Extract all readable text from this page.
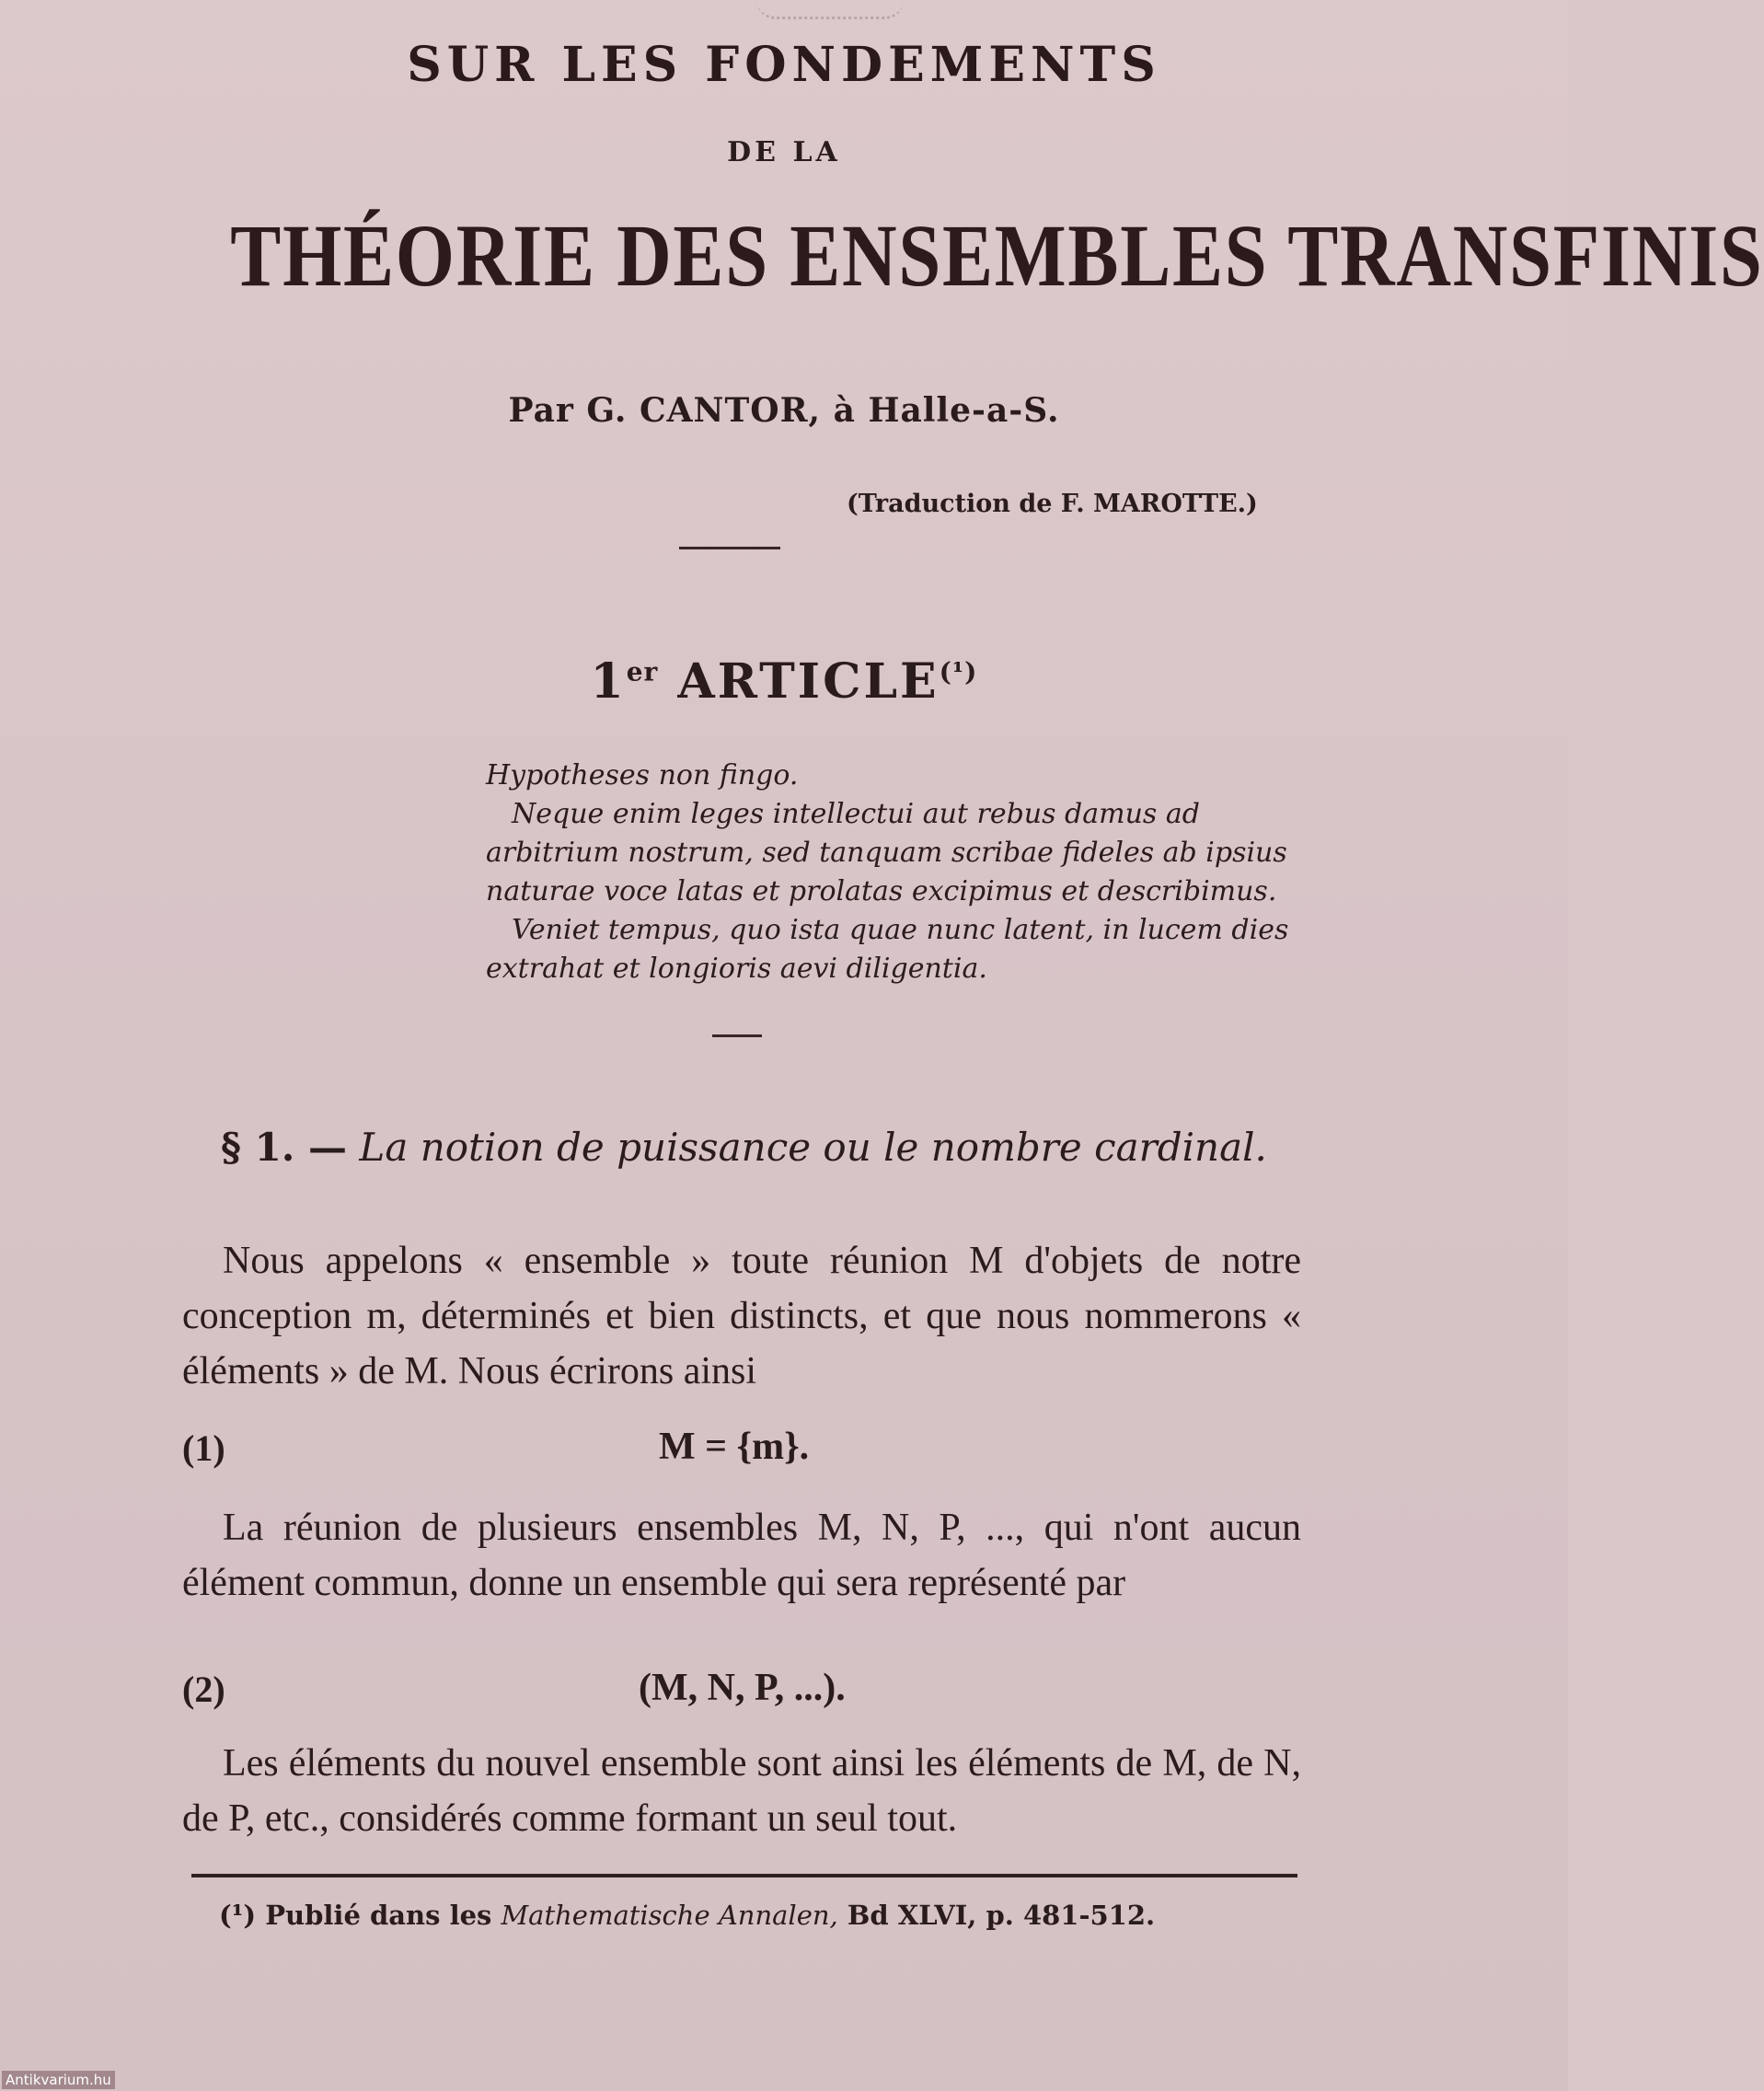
SUR LES FONDEMENTS
DE LA
THÉORIE DES ENSEMBLES TRANSFINIS
Par G. CANTOR, à Halle-a-S.
(Traduction de F. MAROTTE.)
1er $ARTICLE^{(^1)}$

Hypotheses non fingo.

Neque enim leges intellectui aut rebus damus ad arbitrium nostrum, sed tanquam scribae fideles ab ipsius naturae voce latas et prolatas excipimus et describimus.

Veniet tempus, quo ista quae nunc latent, in lucem dies extrahat et longioris aevi diligentia.

§ 1. — La notion de puissance ou le nombre cardinal.

Nous appelons « ensemble » toute réunion M d'objets de notre conception m, déterminés et bien distincts, et que nous nommerons « éléments » de M. Nous écrirons ainsi

(1)	M = {m}.

La réunion de plusieurs ensembles M, N, P, ..., qui n'ont aucun élément commun, donne un ensemble qui sera représenté par

(2)	(M, N, P, ...).

Les éléments du nouvel ensemble sont ainsi les éléments de M, de N, de P, etc., considérés comme formant un seul tout.

(¹) Publié dans les Mathematische Annalen, Bd XLVI, p. 481-512.
Antikvarium.hu
